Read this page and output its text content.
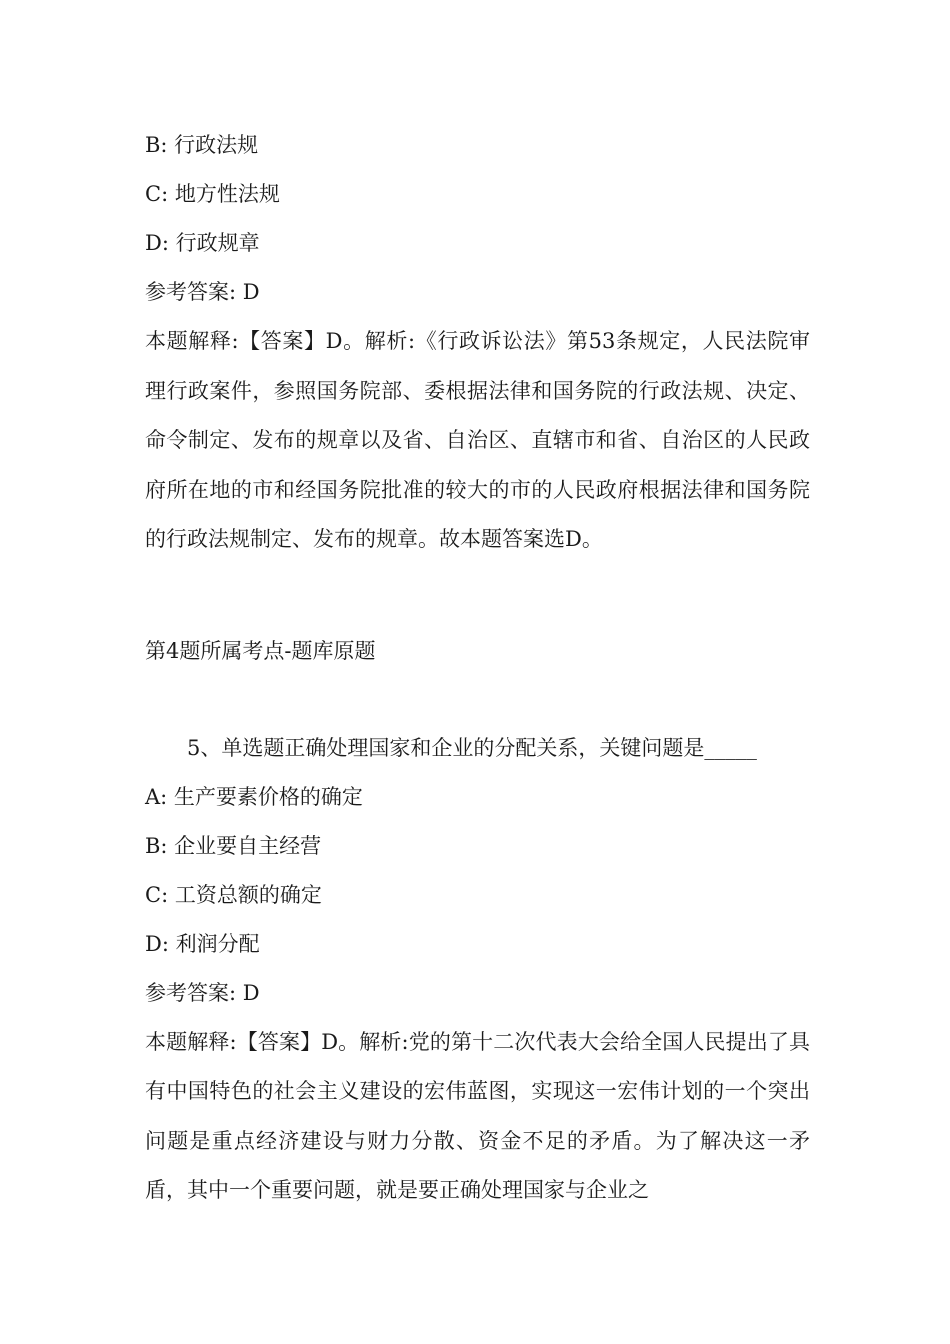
B: 行政法规
C: 地方性法规
D: 行政规章
参考答案: D
本题解释:【答案】D。解析:《行政诉讼法》第53条规定，人民法院审理行政案件，参照国务院部、委根据法律和国务院的行政法规、决定、命令制定、发布的规章以及省、自治区、直辖市和省、自治区的人民政府所在地的市和经国务院批准的较大的市的人民政府根据法律和国务院的行政法规制定、发布的规章。故本题答案选D。
第4题所属考点-题库原题
5、单选题正确处理国家和企业的分配关系，关键问题是_____
A: 生产要素价格的确定
B: 企业要自主经营
C: 工资总额的确定
D: 利润分配
参考答案: D
本题解释:【答案】D。解析:党的第十二次代表大会给全国人民提出了具有中国特色的社会主义建设的宏伟蓝图，实现这一宏伟计划的一个突出问题是重点经济建设与财力分散、资金不足的矛盾。为了解决这一矛盾，其中一个重要问题，就是要正确处理国家与企业之
